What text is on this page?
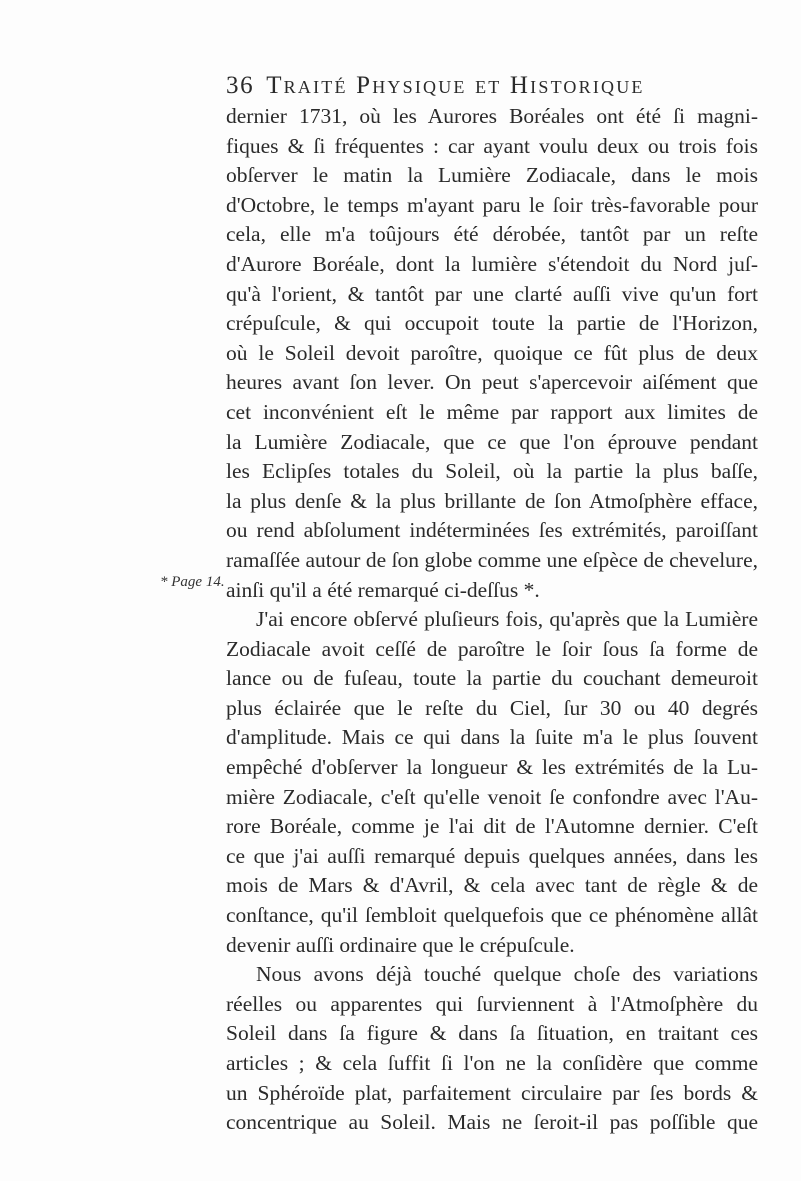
36 Traité Physique et Historique
* Page 14.
dernier 1731, où les Aurores Boréales ont été ſi magni-
fiques & ſi fréquentes : car ayant voulu deux ou trois fois
obſerver le matin la Lumière Zodiacale, dans le mois
d'Octobre, le temps m'ayant paru le ſoir très-favorable pour
cela, elle m'a toûjours été dérobée, tantôt par un reſte
d'Aurore Boréale, dont la lumière s'étendoit du Nord juſ-
qu'à l'orient, & tantôt par une clarté auſſi vive qu'un fort
crépuſcule, & qui occupoit toute la partie de l'Horizon,
où le Soleil devoit paroître, quoique ce fût plus de deux
heures avant ſon lever. On peut s'apercevoir aiſément que
cet inconvénient eſt le même par rapport aux limites de
la Lumière Zodiacale, que ce que l'on éprouve pendant
les Eclipſes totales du Soleil, où la partie la plus baſſe,
la plus denſe & la plus brillante de ſon Atmoſphère efface,
ou rend abſolument indéterminées ſes extrémités, paroiſſant
ramaſſée autour de ſon globe comme une eſpèce de chevelure,
ainſi qu'il a été remarqué ci-deſſus *.
J'ai encore obſervé pluſieurs fois, qu'après que la Lumière
Zodiacale avoit ceſſé de paroître le ſoir ſous ſa forme de
lance ou de fuſeau, toute la partie du couchant demeuroit
plus éclairée que le reſte du Ciel, ſur 30 ou 40 degrés
d'amplitude. Mais ce qui dans la ſuite m'a le plus ſouvent
empêché d'obſerver la longueur & les extrémités de la Lu-
mière Zodiacale, c'eſt qu'elle venoit ſe confondre avec l'Au-
rore Boréale, comme je l'ai dit de l'Automne dernier. C'eſt
ce que j'ai auſſi remarqué depuis quelques années, dans les
mois de Mars & d'Avril, & cela avec tant de règle & de
conſtance, qu'il ſembloit quelquefois que ce phénomène allât
devenir auſſi ordinaire que le crépuſcule.
Nous avons déjà touché quelque choſe des variations
réelles ou apparentes qui ſurviennent à l'Atmoſphère du
Soleil dans ſa figure & dans ſa ſituation, en traitant ces
articles ; & cela ſuffit ſi l'on ne la conſidère que comme
un Sphéroïde plat, parfaitement circulaire par ſes bords &
concentrique au Soleil. Mais ne ſeroit-il pas poſſible que
